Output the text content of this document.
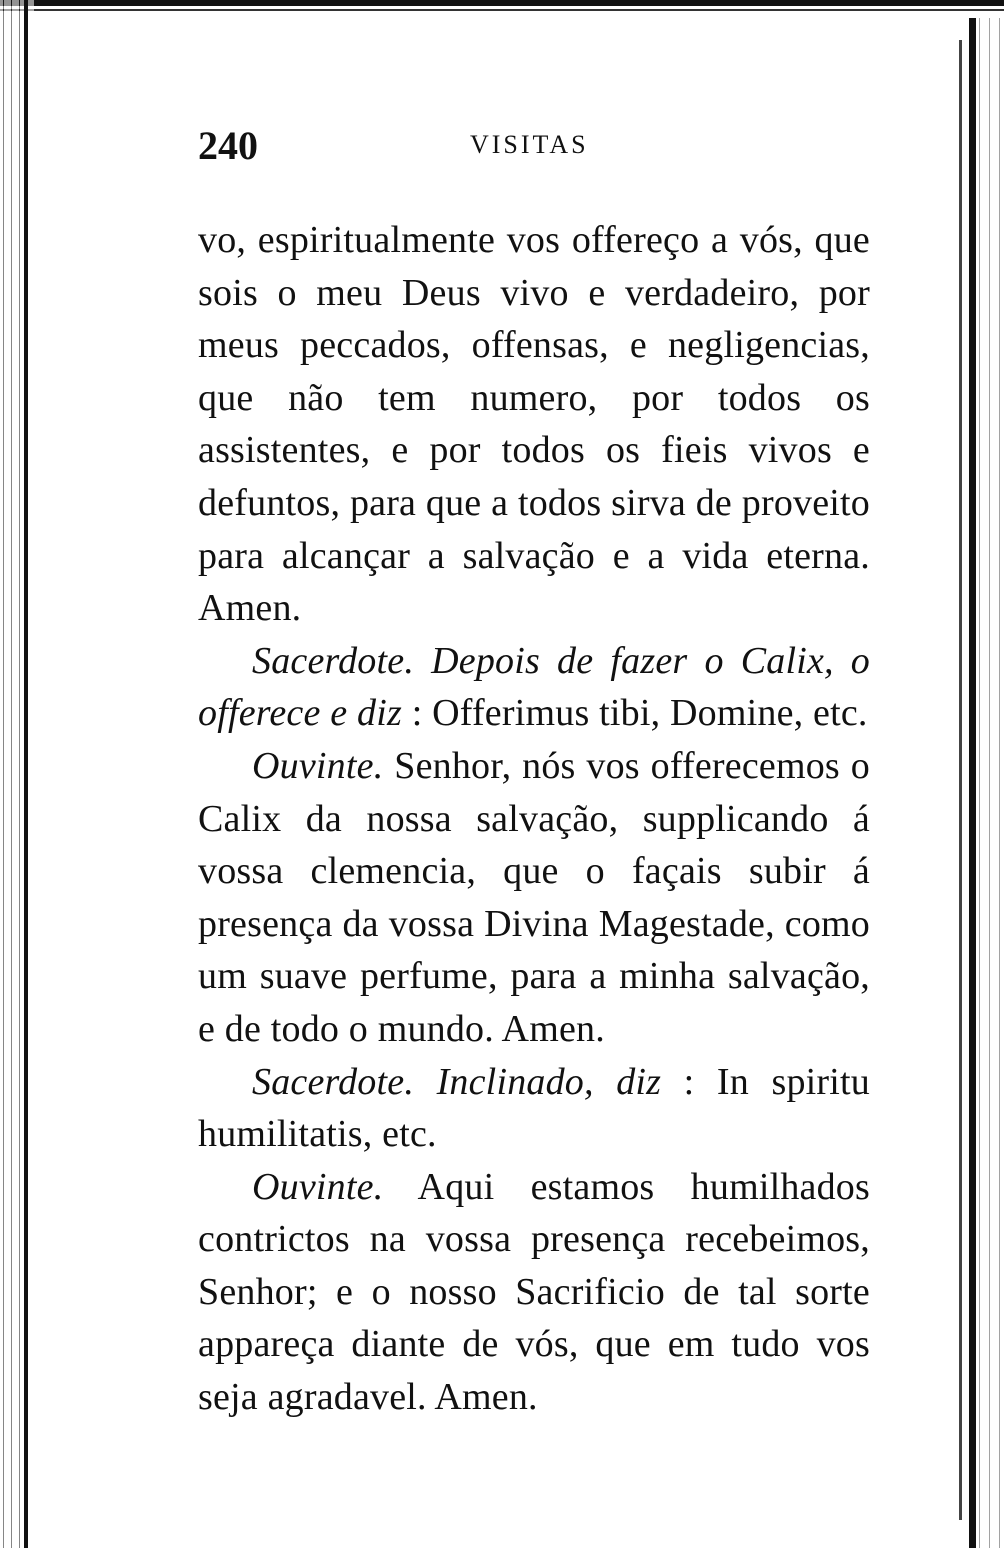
240	VISITAS

vo, espiritualmente vos offereço a vós, que sois o meu Deus vivo e verdadeiro, por meus peccados, offensas, e negligencias, que não tem numero, por todos os assistentes, e por todos os fieis vivos e defuntos, para que a todos sirva de proveito para alcançar a salvação e a vida eterna. Amen.

Sacerdote. Depois de fazer o Calix, o offerece e diz : Offerimus tibi, Domine, etc.

Ouvinte. Senhor, nós vos offerecemos o Calix da nossa salvação, supplicando á vossa clemencia, que o façais subir á presença da vossa Divina Magestade, como um suave perfume, para a minha salvação, e de todo o mundo. Amen.

Sacerdote. Inclinado, diz : In spiritu humilitatis, etc.

Ouvinte. Aqui estamos humilhados contrictos na vossa presença recebeimos, Senhor; e o nosso Sacrificio de tal sorte appareça diante de vós, que em tudo vos seja agradavel. Amen.
